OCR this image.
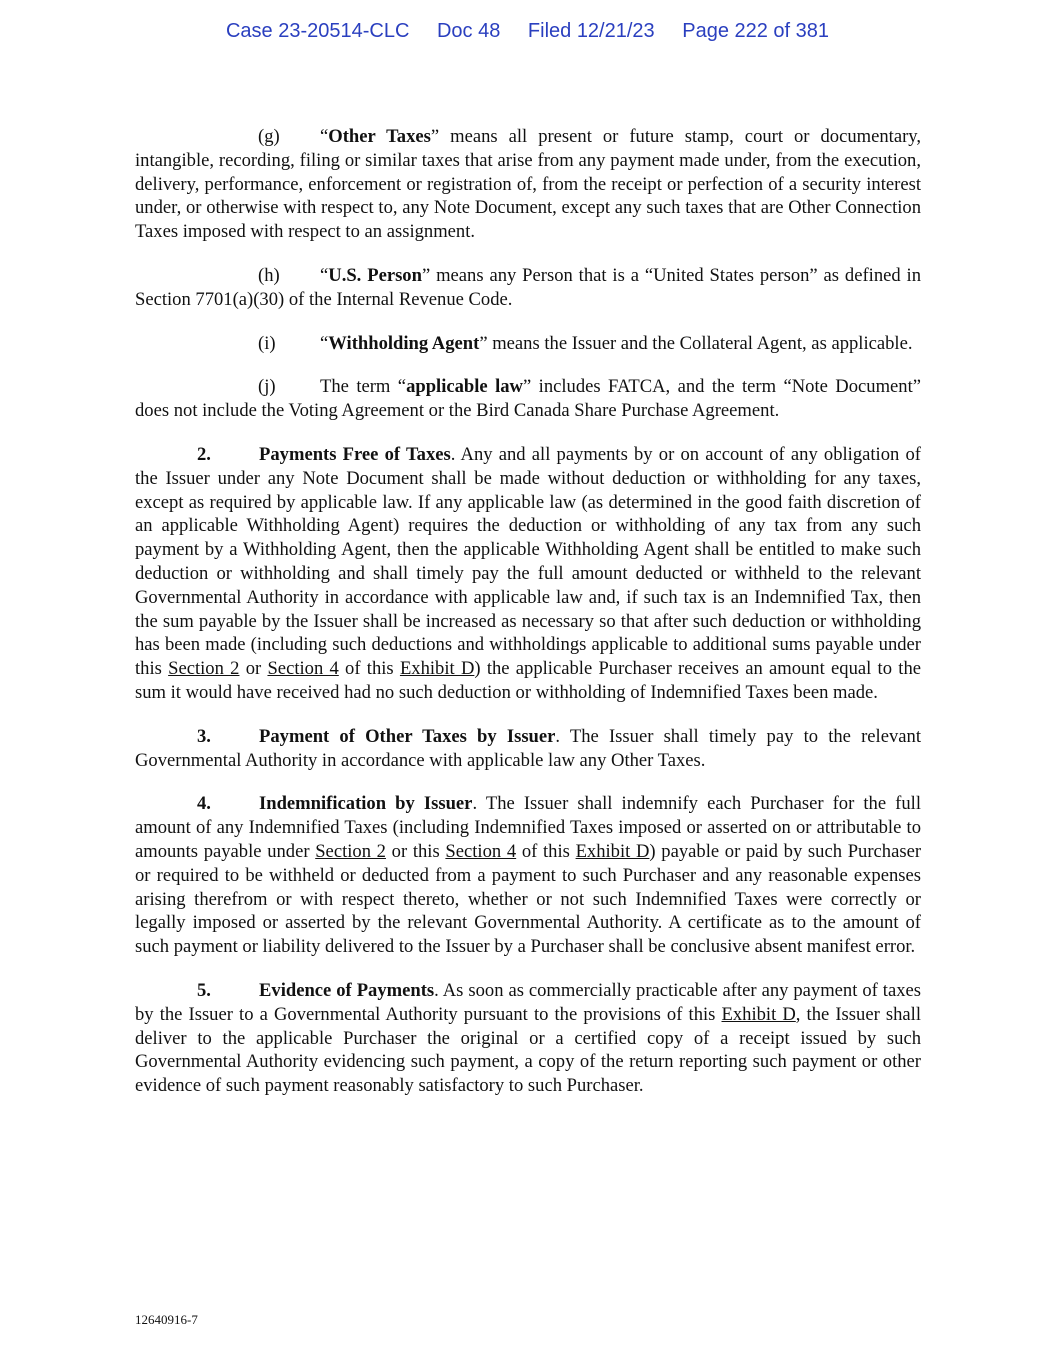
Case 23-20514-CLC Doc 48 Filed 12/21/23 Page 222 of 381

(g) “Other Taxes” means all present or future stamp, court or documentary, intangible, recording, filing or similar taxes that arise from any payment made under, from the execution, delivery, performance, enforcement or registration of, from the receipt or perfection of a security interest under, or otherwise with respect to, any Note Document, except any such taxes that are Other Connection Taxes imposed with respect to an assignment.

(h) “U.S. Person” means any Person that is a “United States person” as defined in Section 7701(a)(30) of the Internal Revenue Code.

(i) “Withholding Agent” means the Issuer and the Collateral Agent, as applicable.

(j) The term “applicable law” includes FATCA, and the term “Note Document” does not include the Voting Agreement or the Bird Canada Share Purchase Agreement.

2.	Payments Free of Taxes. Any and all payments by or on account of any obligation of the Issuer under any Note Document shall be made without deduction or withholding for any taxes, except as required by applicable law. If any applicable law (as determined in the good faith discretion of an applicable Withholding Agent) requires the deduction or withholding of any tax from any such payment by a Withholding Agent, then the applicable Withholding Agent shall be entitled to make such deduction or withholding and shall timely pay the full amount deducted or withheld to the relevant Governmental Authority in accordance with applicable law and, if such tax is an Indemnified Tax, then the sum payable by the Issuer shall be increased as necessary so that after such deduction or withholding has been made (including such deductions and withholdings applicable to additional sums payable under this Section 2 or Section 4 of this Exhibit D) the applicable Purchaser receives an amount equal to the sum it would have received had no such deduction or withholding of Indemnified Taxes been made.

3.	Payment of Other Taxes by Issuer. The Issuer shall timely pay to the relevant Governmental Authority in accordance with applicable law any Other Taxes.

4.	Indemnification by Issuer. The Issuer shall indemnify each Purchaser for the full amount of any Indemnified Taxes (including Indemnified Taxes imposed or asserted on or attributable to amounts payable under Section 2 or this Section 4 of this Exhibit D) payable or paid by such Purchaser or required to be withheld or deducted from a payment to such Purchaser and any reasonable expenses arising therefrom or with respect thereto, whether or not such Indemnified Taxes were correctly or legally imposed or asserted by the relevant Governmental Authority. A certificate as to the amount of such payment or liability delivered to the Issuer by a Purchaser shall be conclusive absent manifest error.

5.	Evidence of Payments. As soon as commercially practicable after any payment of taxes by the Issuer to a Governmental Authority pursuant to the provisions of this Exhibit D, the Issuer shall deliver to the applicable Purchaser the original or a certified copy of a receipt issued by such Governmental Authority evidencing such payment, a copy of the return reporting such payment or other evidence of such payment reasonably satisfactory to such Purchaser.

12640916-7
